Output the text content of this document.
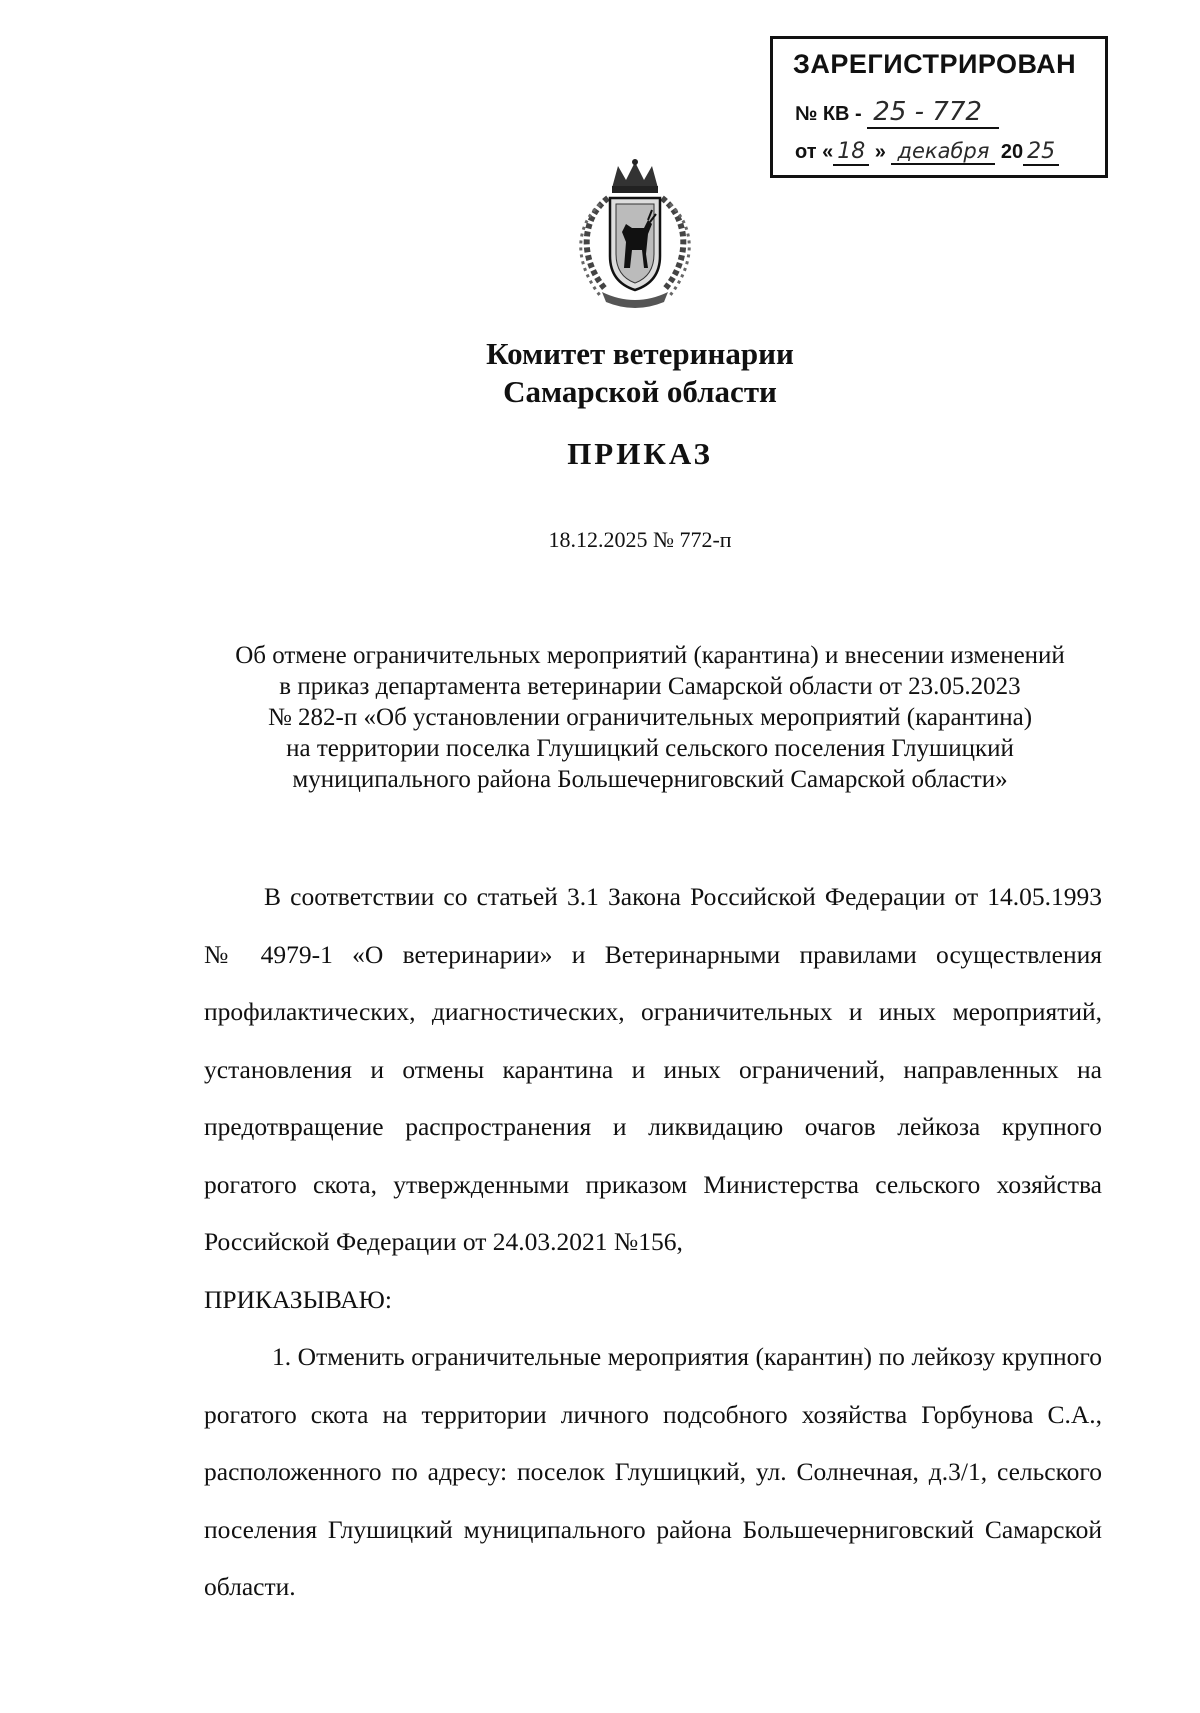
ЗАРЕГИСТРИРОВАН
№ КВ - 25 - 772
от « 18 » декабря 20 25
Комитет ветеринарии
Самарской области
ПРИКАЗ
18.12.2025 № 772-п
Об отмене ограничительных мероприятий (карантина) и внесении изменений
в приказ департамента ветеринарии Самарской области от 23.05.2023
№ 282-п «Об установлении ограничительных мероприятий (карантина)
на территории поселка Глушицкий сельского поселения Глушицкий
муниципального района Большечерниговский Самарской области»

В соответствии со статьей 3.1 Закона Российской Федерации от 14.05.1993 № 4979-1 «О ветеринарии» и Ветеринарными правилами осуществления профилактических, диагностических, ограничительных и иных мероприятий, установления и отмены карантина и иных ограничений, направленных на предотвращение распространения и ликвидацию очагов лейкоза крупного рогатого скота, утвержденными приказом Министерства сельского хозяйства Российской Федерации от 24.03.2021 №156,

ПРИКАЗЫВАЮ:

1. Отменить ограничительные мероприятия (карантин) по лейкозу крупного рогатого скота на территории личного подсобного хозяйства Горбунова С.А., расположенного по адресу: поселок Глушицкий, ул. Солнечная, д.3/1, сельского поселения Глушицкий муниципального района Большечерниговский Самарской области.
